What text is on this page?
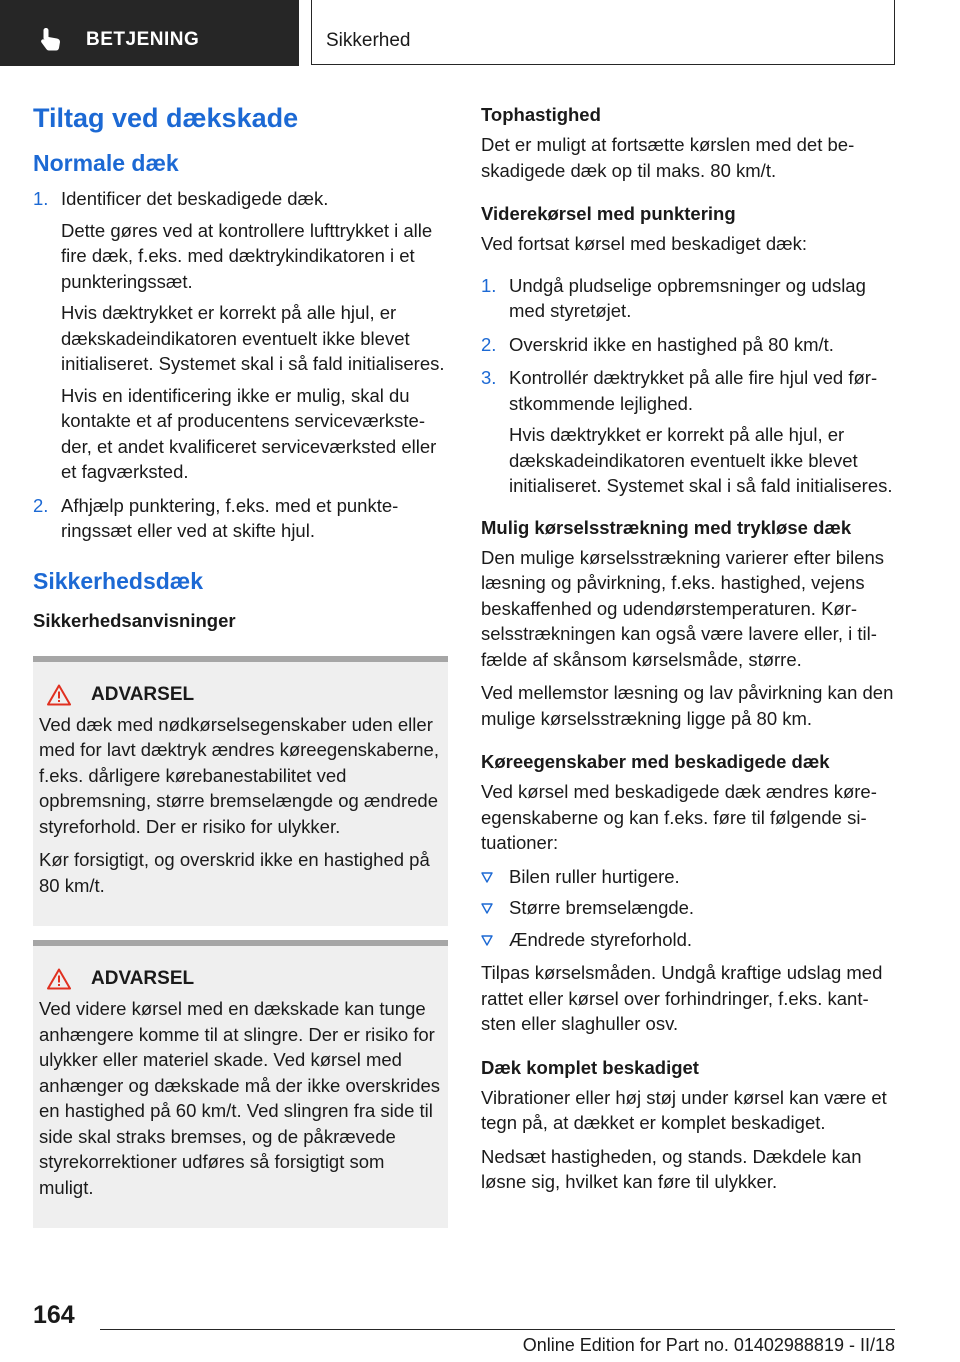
BETJENING	Sikkerhed
Tiltag ved dækskade
Normale dæk
1. Identificer det beskadigede dæk.

Dette gøres ved at kontrollere lufttrykket i alle fire dæk, f.eks. med dæktrykindikatoren i et punkteringssæt.

Hvis dæktrykket er korrekt på alle hjul, er dækskadeindikatoren eventuelt ikke blevet initialiseret. Systemet skal i så fald initialiseres.

Hvis en identificering ikke er mulig, skal du kontakte et af producentens serviceværksteder, et andet kvalificeret serviceværksted eller et fagværksted.

2. Afhjælp punktering, f.eks. med et punkteringssæt eller ved at skifte hjul.
Sikkerhedsdæk
Sikkerhedsanvisninger
ADVARSEL

Ved dæk med nødkørselsegenskaber uden eller med for lavt dæktryk ændres køreegenskaberne, f.eks. dårligere kørebanestabilitet ved opbremsning, større bremselængde og ændrede styreforhold. Der er risiko for ulykker.

Kør forsigtigt, og overskrid ikke en hastighed på 80 km/t.

ADVARSEL

Ved videre kørsel med en dækskade kan tunge anhængere komme til at slingre. Der er risiko for ulykker eller materiel skade. Ved kørsel med anhænger og dækskade må der ikke overskrides en hastighed på 60 km/t. Ved slingren fra side til side skal straks bremses, og de påkrævede styrekorrektioner udføres så forsigtigt som muligt.

Tophastighed

Det er muligt at fortsætte kørslen med det beskadigede dæk op til maks. 80 km/t.

Viderekørsel med punktering

Ved fortsat kørsel med beskadiget dæk:

1. Undgå pludselige opbremsninger og udslag med styretøjet.
2. Overskrid ikke en hastighed på 80 km/t.
3. Kontrollér dæktrykket på alle fire hjul ved førstkommende lejlighed.

Hvis dæktrykket er korrekt på alle hjul, er dækskadeindikatoren eventuelt ikke blevet initialiseret. Systemet skal i så fald initialiseres.

Mulig kørselsstrækning med trykløse dæk

Den mulige kørselsstrækning varierer efter bilens læsning og påvirkning, f.eks. hastighed, vejens beskaffenhed og udendørstemperaturen. Kørselsstrækningen kan også være lavere eller, i tilfælde af skånsom kørselsmåde, større.

Ved mellemstor læsning og lav påvirkning kan den mulige kørselsstrækning ligge på 80 km.

Køreegenskaber med beskadigede dæk

Ved kørsel med beskadigede dæk ændres køreegenskaberne og kan f.eks. føre til følgende situationer:

Bilen ruller hurtigere.
Større bremselængde.
Ændrede styreforhold.

Tilpas kørselsmåden. Undgå kraftige udslag med rattet eller kørsel over forhindringer, f.eks. kantsten eller slaghuller osv.

Dæk komplet beskadiget

Vibrationer eller høj støj under kørsel kan være et tegn på, at dækket er komplet beskadiget.

Nedsæt hastigheden, og stands. Dækdele kan løsne sig, hvilket kan føre til ulykker.

164
Online Edition for Part no. 01402988819 - II/18
